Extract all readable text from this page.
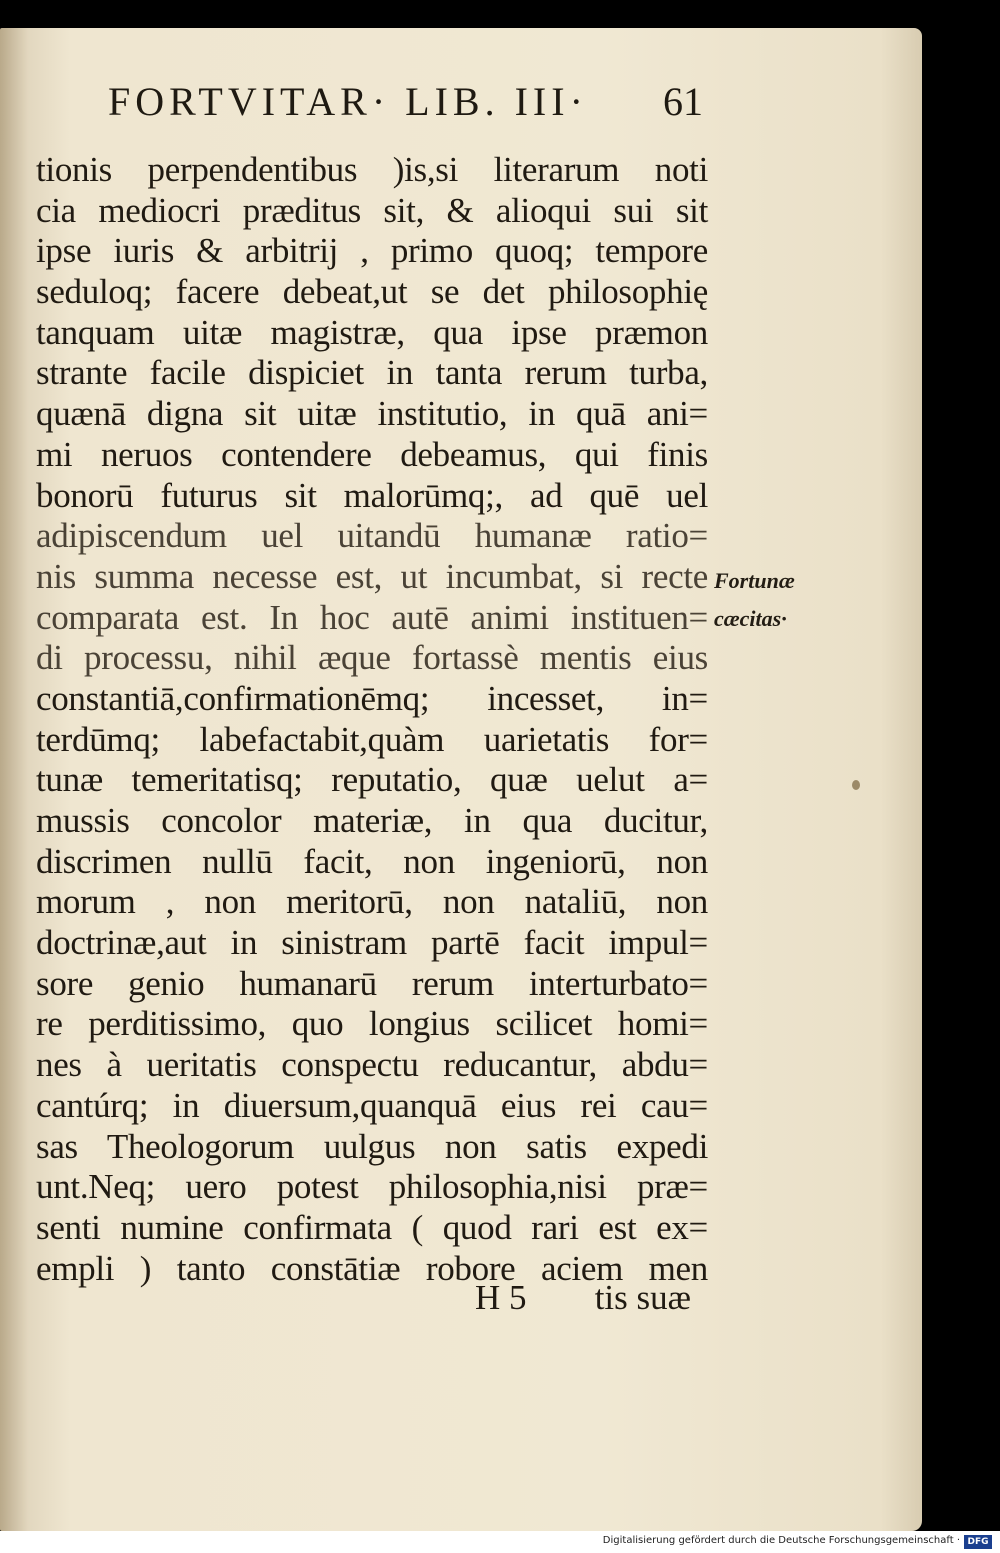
FORTVITAR· LIB. III· 61
tionis perpendentibus )is,si literarum noti
cia mediocri præditus sit, & alioqui sui sit
ipse iuris & arbitrij , primo quoq; tempore
seduloq; facere debeat,ut se det philosophię
tanquam uitæ magistræ, qua ipse præmon
strante facile dispiciet in tanta rerum turba,
quænā digna sit uitæ institutio, in quā ani=
mi neruos contendere debeamus, qui finis
bonorū futurus sit malorūmq;, ad quē uel
adipiscendum uel uitandū humanæ ratio=
nis summa necesse est, ut incumbat, si recte
comparata est. In hoc autē animi instituen=
di processu, nihil æque fortassè mentis eius
constantiā,confirmationēmq; incesset, in=
terdūmq; labefactabit,quàm uarietatis for=
tunæ temeritatisq; reputatio, quæ uelut a=
mussis concolor materiæ, in qua ducitur,
discrimen nullū facit, non ingeniorū, non
morum , non meritorū, non nataliū, non
doctrinæ,aut in sinistram partē facit impul=
sore genio humanarū rerum interturbato=
re perditissimo, quo longius scilicet homi=
nes à ueritatis conspectu reducantur, abdu=
cantúrq; in diuersum,quanquā eius rei cau=
sas Theologorum uulgus non satis expedi
unt.Neq; uero potest philosophia,nisi præ=
senti numine confirmata ( quod rari est ex=
empli ) tanto constātiæ robore aciem men
H 5 tis suæ
Fortunæ
cæcitas·
Digitalisierung gefördert durch die Deutsche Forschungsgemeinschaft · DFG
